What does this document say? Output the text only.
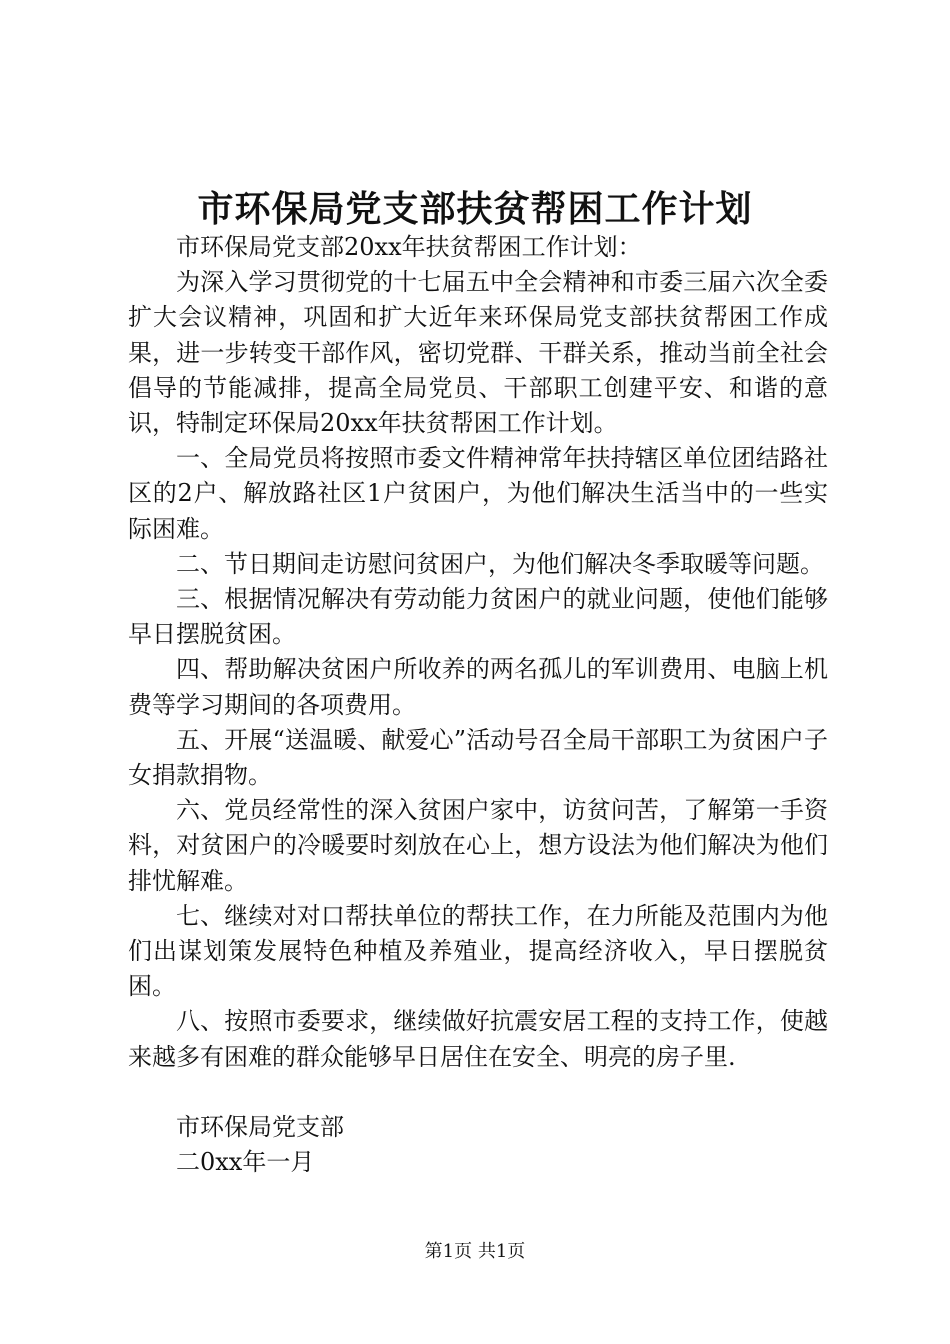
市环保局党支部扶贫帮困工作计划

市环保局党支部20xx年扶贫帮困工作计划：

为深入学习贯彻党的十七届五中全会精神和市委三届六次全委扩大会议精神，巩固和扩大近年来环保局党支部扶贫帮困工作成果，进一步转变干部作风，密切党群、干群关系，推动当前全社会倡导的节能减排，提高全局党员、干部职工创建平安、和谐的意识，特制定环保局20xx年扶贫帮困工作计划。

一、全局党员将按照市委文件精神常年扶持辖区单位团结路社区的2户、解放路社区1户贫困户，为他们解决生活当中的一些实际困难。

二、节日期间走访慰问贫困户，为他们解决冬季取暖等问题。

三、根据情况解决有劳动能力贫困户的就业问题，使他们能够早日摆脱贫困。

四、帮助解决贫困户所收养的两名孤儿的军训费用、电脑上机费等学习期间的各项费用。

五、开展“送温暖、献爱心”活动号召全局干部职工为贫困户子女捐款捐物。

六、党员经常性的深入贫困户家中，访贫问苦，了解第一手资料，对贫困户的冷暖要时刻放在心上，想方设法为他们解决为他们排忧解难。

七、继续对对口帮扶单位的帮扶工作，在力所能及范围内为他们出谋划策发展特色种植及养殖业，提高经济收入，早日摆脱贫困。

八、按照市委要求，继续做好抗震安居工程的支持工作，使越来越多有困难的群众能够早日居住在安全、明亮的房子里.

市环保局党支部

二0xx年一月

第1页 共1页
